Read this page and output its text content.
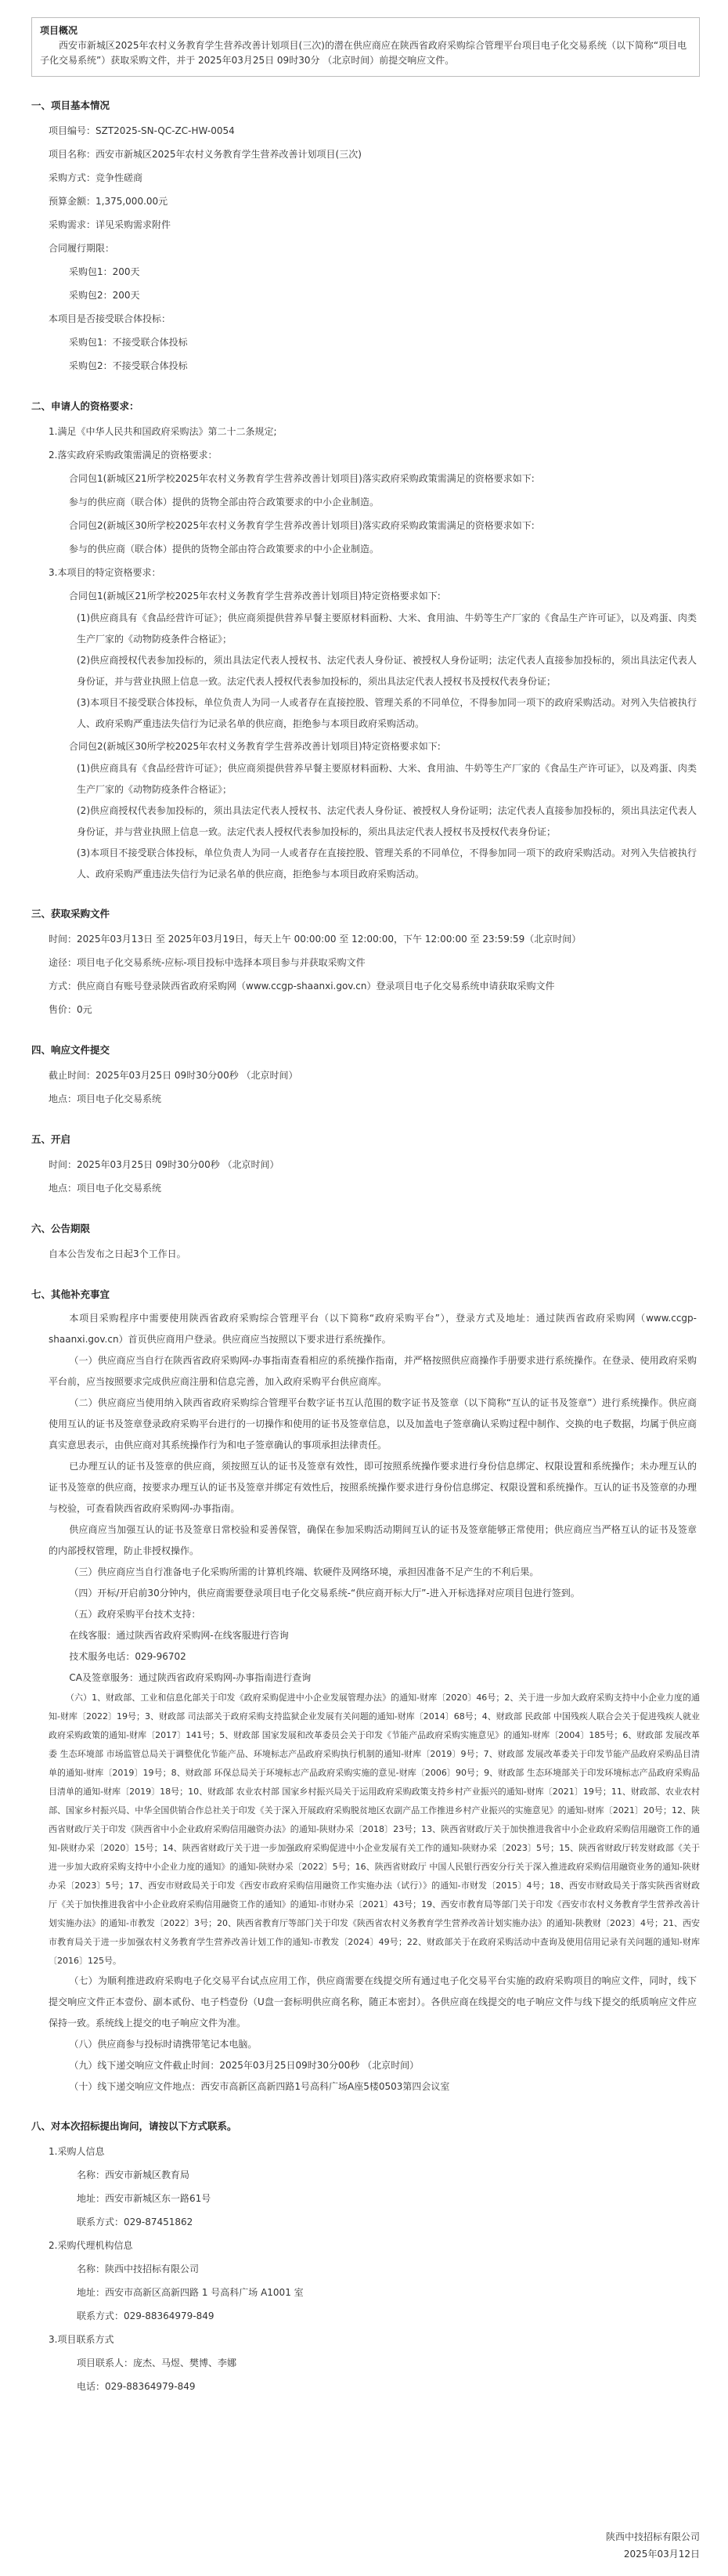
项目概况
西安市新城区2025年农村义务教育学生营养改善计划项目(三次)的潜在供应商应在陕西省政府采购综合管理平台项目电子化交易系统（以下简称“项目电子化交易系统”）获取采购文件，并于 2025年03月25日 09时30分 （北京时间）前提交响应文件。
一、项目基本情况
项目编号：SZT2025-SN-QC-ZC-HW-0054
项目名称：西安市新城区2025年农村义务教育学生营养改善计划项目(三次)
采购方式：竞争性磋商
预算金额：1,375,000.00元
采购需求：详见采购需求附件
合同履行期限：
采购包1：200天
采购包2：200天
本项目是否接受联合体投标：
采购包1：不接受联合体投标
采购包2：不接受联合体投标
二、申请人的资格要求：
1.满足《中华人民共和国政府采购法》第二十二条规定;
2.落实政府采购政策需满足的资格要求：
合同包1(新城区21所学校2025年农村义务教育学生营养改善计划项目)落实政府采购政策需满足的资格要求如下:
参与的供应商（联合体）提供的货物全部由符合政策要求的中小企业制造。
合同包2(新城区30所学校2025年农村义务教育学生营养改善计划项目)落实政府采购政策需满足的资格要求如下:
参与的供应商（联合体）提供的货物全部由符合政策要求的中小企业制造。
3.本项目的特定资格要求：
合同包1(新城区21所学校2025年农村义务教育学生营养改善计划项目)特定资格要求如下:
(1)供应商具有《食品经营许可证》；供应商须提供营养早餐主要原材料面粉、大米、食用油、牛奶等生产厂家的《食品生产许可证》，以及鸡蛋、肉类生产厂家的《动物防疫条件合格证》；
(2)供应商授权代表参加投标的，须出具法定代表人授权书、法定代表人身份证、被授权人身份证明；法定代表人直接参加投标的，须出具法定代表人身份证，并与营业执照上信息一致。法定代表人授权代表参加投标的，须出具法定代表人授权书及授权代表身份证；
(3)本项目不接受联合体投标，单位负责人为同一人或者存在直接控股、管理关系的不同单位，不得参加同一项下的政府采购活动。对列入失信被执行人、政府采购严重违法失信行为记录名单的供应商，拒绝参与本项目政府采购活动。
合同包2(新城区30所学校2025年农村义务教育学生营养改善计划项目)特定资格要求如下:
(1)供应商具有《食品经营许可证》；供应商须提供营养早餐主要原材料面粉、大米、食用油、牛奶等生产厂家的《食品生产许可证》，以及鸡蛋、肉类生产厂家的《动物防疫条件合格证》；
(2)供应商授权代表参加投标的，须出具法定代表人授权书、法定代表人身份证、被授权人身份证明；法定代表人直接参加投标的，须出具法定代表人身份证，并与营业执照上信息一致。法定代表人授权代表参加投标的，须出具法定代表人授权书及授权代表身份证；
(3)本项目不接受联合体投标，单位负责人为同一人或者存在直接控股、管理关系的不同单位，不得参加同一项下的政府采购活动。对列入失信被执行人、政府采购严重违法失信行为记录名单的供应商，拒绝参与本项目政府采购活动。
三、获取采购文件
时间：2025年03月13日 至 2025年03月19日，每天上午 00:00:00 至 12:00:00，下午 12:00:00 至 23:59:59（北京时间）
途径：项目电子化交易系统-应标-项目投标中选择本项目参与并获取采购文件
方式：供应商自有账号登录陕西省政府采购网（www.ccgp-shaanxi.gov.cn）登录项目电子化交易系统申请获取采购文件
售价：0元
四、响应文件提交
截止时间：2025年03月25日 09时30分00秒 （北京时间）
地点：项目电子化交易系统
五、开启
时间：2025年03月25日 09时30分00秒 （北京时间）
地点：项目电子化交易系统
六、公告期限
自本公告发布之日起3个工作日。
七、其他补充事宜
本项目采购程序中需要使用陕西省政府采购综合管理平台（以下简称“政府采购平台”），登录方式及地址：通过陕西省政府采购网（www.ccgp-shaanxi.gov.cn）首页供应商用户登录。供应商应当按照以下要求进行系统操作。
（一）供应商应当自行在陕西省政府采购网-办事指南查看相应的系统操作指南，并严格按照供应商操作手册要求进行系统操作。在登录、使用政府采购平台前，应当按照要求完成供应商注册和信息完善，加入政府采购平台供应商库。
（二）供应商应当使用纳入陕西省政府采购综合管理平台数字证书互认范围的数字证书及签章（以下简称“互认的证书及签章”）进行系统操作。供应商使用互认的证书及签章登录政府采购平台进行的一切操作和使用的证书及签章信息，以及加盖电子签章确认采购过程中制作、交换的电子数据，均属于供应商真实意思表示，由供应商对其系统操作行为和电子签章确认的事项承担法律责任。
已办理互认的证书及签章的供应商，须按照互认的证书及签章有效性，即可按照系统操作要求进行身份信息绑定、权限设置和系统操作；未办理互认的证书及签章的供应商，按要求办理互认的证书及签章并绑定有效性后，按照系统操作要求进行身份信息绑定、权限设置和系统操作。互认的证书及签章的办理与校验，可查看陕西省政府采购网-办事指南。
供应商应当加强互认的证书及签章日常校验和妥善保管，确保在参加采购活动期间互认的证书及签章能够正常使用；供应商应当严格互认的证书及签章的内部授权管理，防止非授权操作。
（三）供应商应当自行准备电子化采购所需的计算机终端、软硬件及网络环境，承担因准备不足产生的不利后果。
（四）开标/开启前30分钟内，供应商需要登录项目电子化交易系统-“供应商开标大厅”-进入开标选择对应项目包进行签到。
（五）政府采购平台技术支持：
在线客服：通过陕西省政府采购网-在线客服进行咨询
技术服务电话：029-96702
CA及签章服务：通过陕西省政府采购网-办事指南进行查询
（六）1、财政部、工业和信息化部关于印发《政府采购促进中小企业发展管理办法》的通知-财库〔2020〕46号；2、关于进一步加大政府采购支持中小企业力度的通知-财库〔2022〕19号；3、财政部 司法部关于政府采购支持监狱企业发展有关问题的通知-财库〔2014〕68号；4、财政部 民政部 中国残疾人联合会关于促进残疾人就业政府采购政策的通知-财库〔2017〕141号；5、财政部 国家发展和改革委员会关于印发《节能产品政府采购实施意见》的通知-财库〔2004〕185号；6、财政部 发展改革委 生态环境部 市场监管总局关于调整优化节能产品、环境标志产品政府采购执行机制的通知-财库〔2019〕9号；7、财政部 发展改革委关于印发节能产品政府采购品目清单的通知-财库〔2019〕19号；8、财政部 环保总局关于环境标志产品政府采购实施的意见-财库〔2006〕90号；9、财政部 生态环境部关于印发环境标志产品政府采购品目清单的通知-财库〔2019〕18号；10、财政部 农业农村部 国家乡村振兴局关于运用政府采购政策支持乡村产业振兴的通知-财库〔2021〕19号；11、财政部、农业农村部、国家乡村振兴局、中华全国供销合作总社关于印发《关于深入开展政府采购脱贫地区农副产品工作推进乡村产业振兴的实施意见》的通知-财库〔2021〕20号；12、陕西省财政厅关于印发《陕西省中小企业政府采购信用融资办法》的通知-陕财办采〔2018〕23号；13、陕西省财政厅关于加快推进我省中小企业政府采购信用融资工作的通知-陕财办采〔2020〕15号；14、陕西省财政厅关于进一步加强政府采购促进中小企业发展有关工作的通知-陕财办采〔2023〕5号；15、陕西省财政厅转发财政部《关于进一步加大政府采购支持中小企业力度的通知》的通知-陕财办采〔2022〕5号；16、陕西省财政厅 中国人民银行西安分行关于深入推进政府采购信用融资业务的通知-陕财办采〔2023〕5号；17、西安市财政局关于印发《西安市政府采购信用融资工作实施办法（试行）》的通知-市财发〔2015〕4号；18、西安市财政局关于落实陕西省财政厅《关于加快推进我省中小企业政府采购信用融资工作的通知》的通知-市财办采〔2021〕43号；19、西安市教育局等部门关于印发《西安市农村义务教育学生营养改善计划实施办法》的通知-市教发〔2022〕3号；20、陕西省教育厅等部门关于印发《陕西省农村义务教育学生营养改善计划实施办法》的通知-陕教财〔2023〕4号；21、西安市教育局关于进一步加强农村义务教育学生营养改善计划工作的通知-市教发〔2024〕49号；22、财政部关于在政府采购活动中查询及使用信用记录有关问题的通知-财库〔2016〕125号。
（七）为顺利推进政府采购电子化交易平台试点应用工作，供应商需要在线提交所有通过电子化交易平台实施的政府采购项目的响应文件，同时，线下提交响应文件正本壹份、副本贰份、电子档壹份（U盘一套标明供应商名称，随正本密封）。各供应商在线提交的电子响应文件与线下提交的纸质响应文件应保持一致。系统线上提交的电子响应文件为准。
（八）供应商参与投标时请携带笔记本电脑。
（九）线下递交响应文件截止时间：2025年03月25日09时30分00秒 （北京时间）
（十）线下递交响应文件地点：西安市高新区高新四路1号高科广场A座5楼0503第四会议室
八、对本次招标提出询问，请按以下方式联系。
1.采购人信息
名称：西安市新城区教育局
地址：西安市新城区东一路61号
联系方式：029-87451862
2.采购代理机构信息
名称：陕西中技招标有限公司
地址：西安市高新区高新四路 1 号高科广场 A1001 室
联系方式：029-88364979-849
3.项目联系方式
项目联系人：庞杰、马煜、樊博、李娜
电话：029-88364979-849
陕西中技招标有限公司
2025年03月12日
